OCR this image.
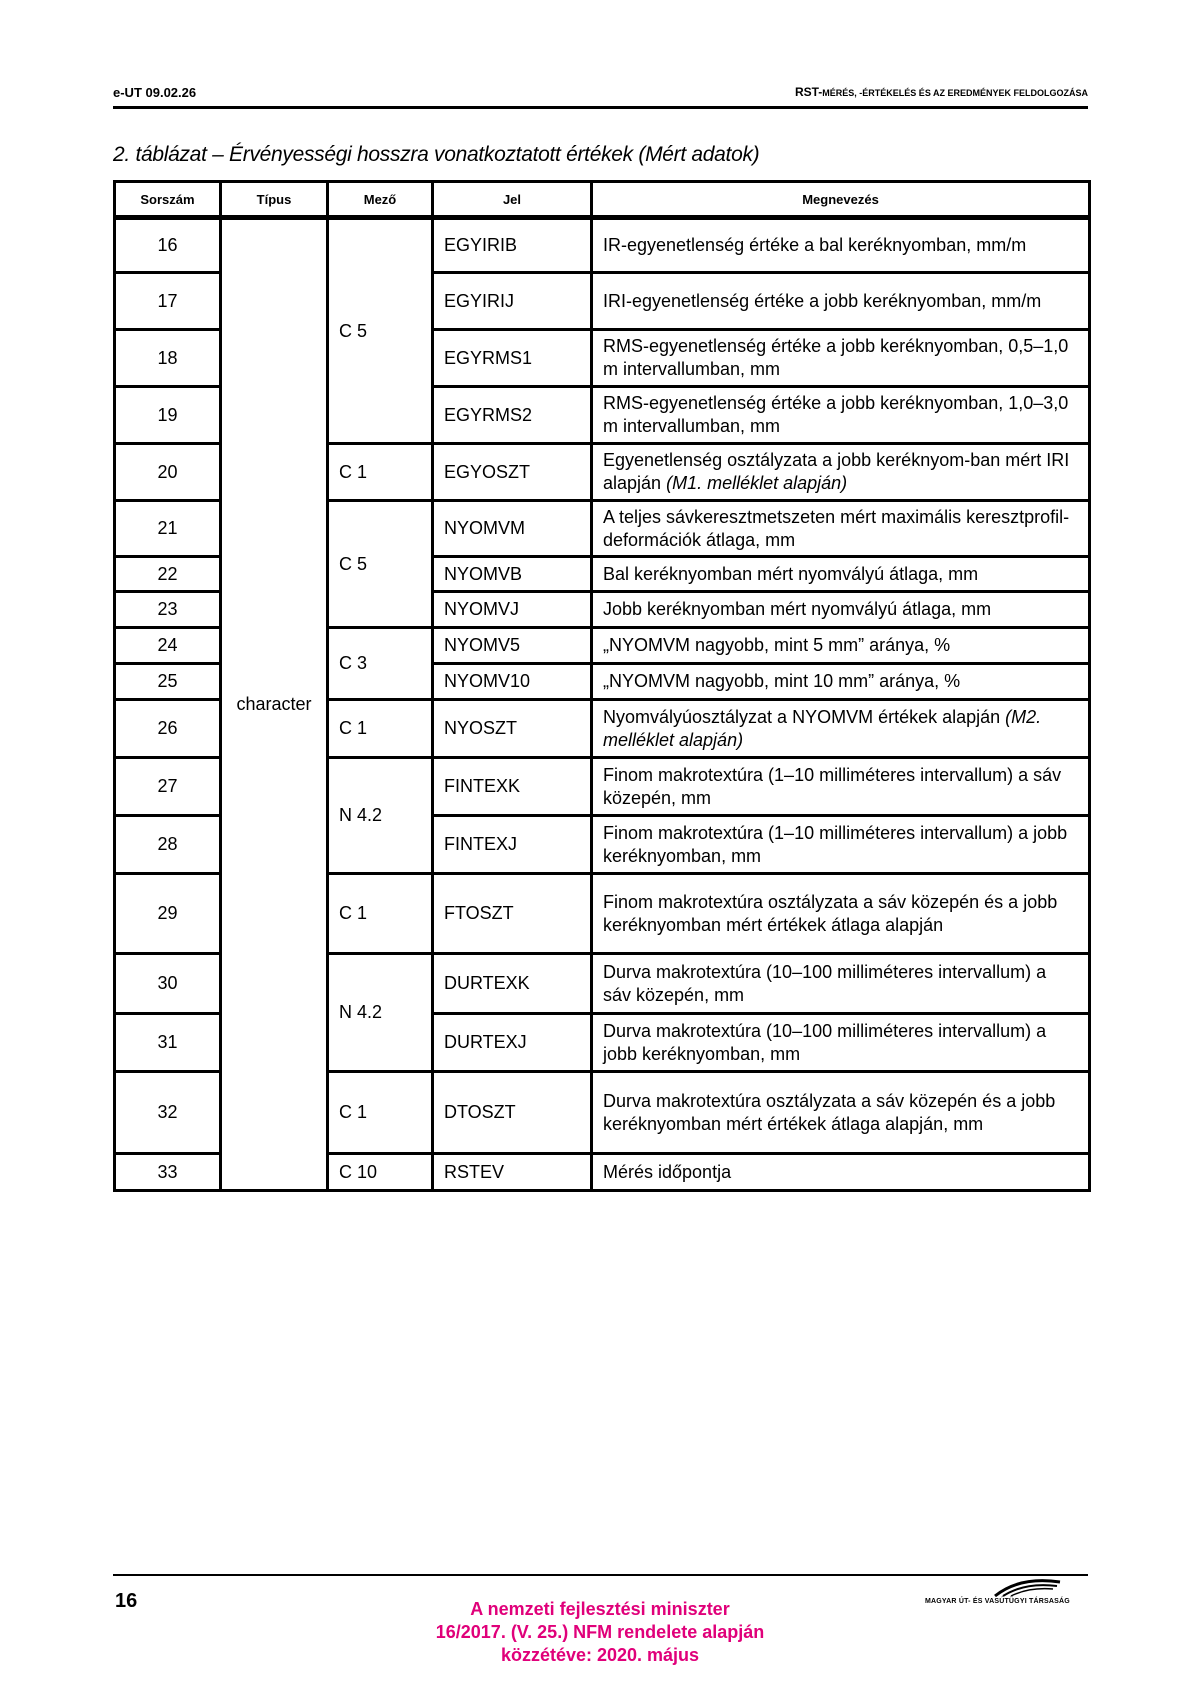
e-UT 09.02.26	RST-MÉRÉS, -ÉRTÉKELÉS ÉS AZ EREDMÉNYEK FELDOLGOZÁSA
2. táblázat – Érvényességi hosszra vonatkoztatott értékek (Mért adatok)
Sorszám	Típus	Mező	Jel	Megnevezés
16	character	C 5	EGYIRIB	IR-egyenetlenség értéke a bal keréknyomban, mm/m
17			EGYIRIJ	IRI-egyenetlenség értéke a jobb keréknyomban, mm/m
18			EGYRMS1	RMS-egyenetlenség értéke a jobb keréknyomban, 0,5–1,0 m intervallumban, mm
19			EGYRMS2	RMS-egyenetlenség értéke a jobb keréknyomban, 1,0–3,0 m intervallumban, mm
20		C 1	EGYOSZT	Egyenetlenség osztályzata a jobb keréknyom-ban mért IRI alapján (M1. melléklet alapján)
21		C 5	NYOMVM	A teljes sávkeresztmetszeten mért maximális keresztprofil-deformációk átlaga, mm
22			NYOMVB	Bal keréknyomban mért nyomvályú átlaga, mm
23			NYOMVJ	Jobb keréknyomban mért nyomvályú átlaga, mm
24		C 3	NYOMV5	„NYOMVM nagyobb, mint 5 mm” aránya, %
25			NYOMV10	„NYOMVM nagyobb, mint 10 mm” aránya, %
26		C 1	NYOSZT	Nyomvályúosztályzat a NYOMVM értékek alapján (M2. melléklet alapján)
27		N 4.2	FINTEXK	Finom makrotextúra (1–10 milliméteres intervallum) a sáv közepén, mm
28			FINTEXJ	Finom makrotextúra (1–10 milliméteres intervallum) a jobb keréknyomban, mm
29		C 1	FTOSZT	Finom makrotextúra osztályzata a sáv közepén és a jobb keréknyomban mért értékek átlaga alapján
30		N 4.2	DURTEXK	Durva makrotextúra (10–100 milliméteres intervallum) a sáv közepén, mm
31			DURTEXJ	Durva makrotextúra (10–100 milliméteres intervallum) a jobb keréknyomban, mm
32		C 1	DTOSZT	Durva makrotextúra osztályzata a sáv közepén és a jobb keréknyomban mért értékek átlaga alapján, mm
33		C 10	RSTEV	Mérés időpontja
16	A nemzeti fejlesztési miniszter
16/2017. (V. 25.) NFM rendelete alapján
közzétéve: 2020. május
MAGYAR ÚT- ÉS VASÚTÜGYI TÁRSASÁG
